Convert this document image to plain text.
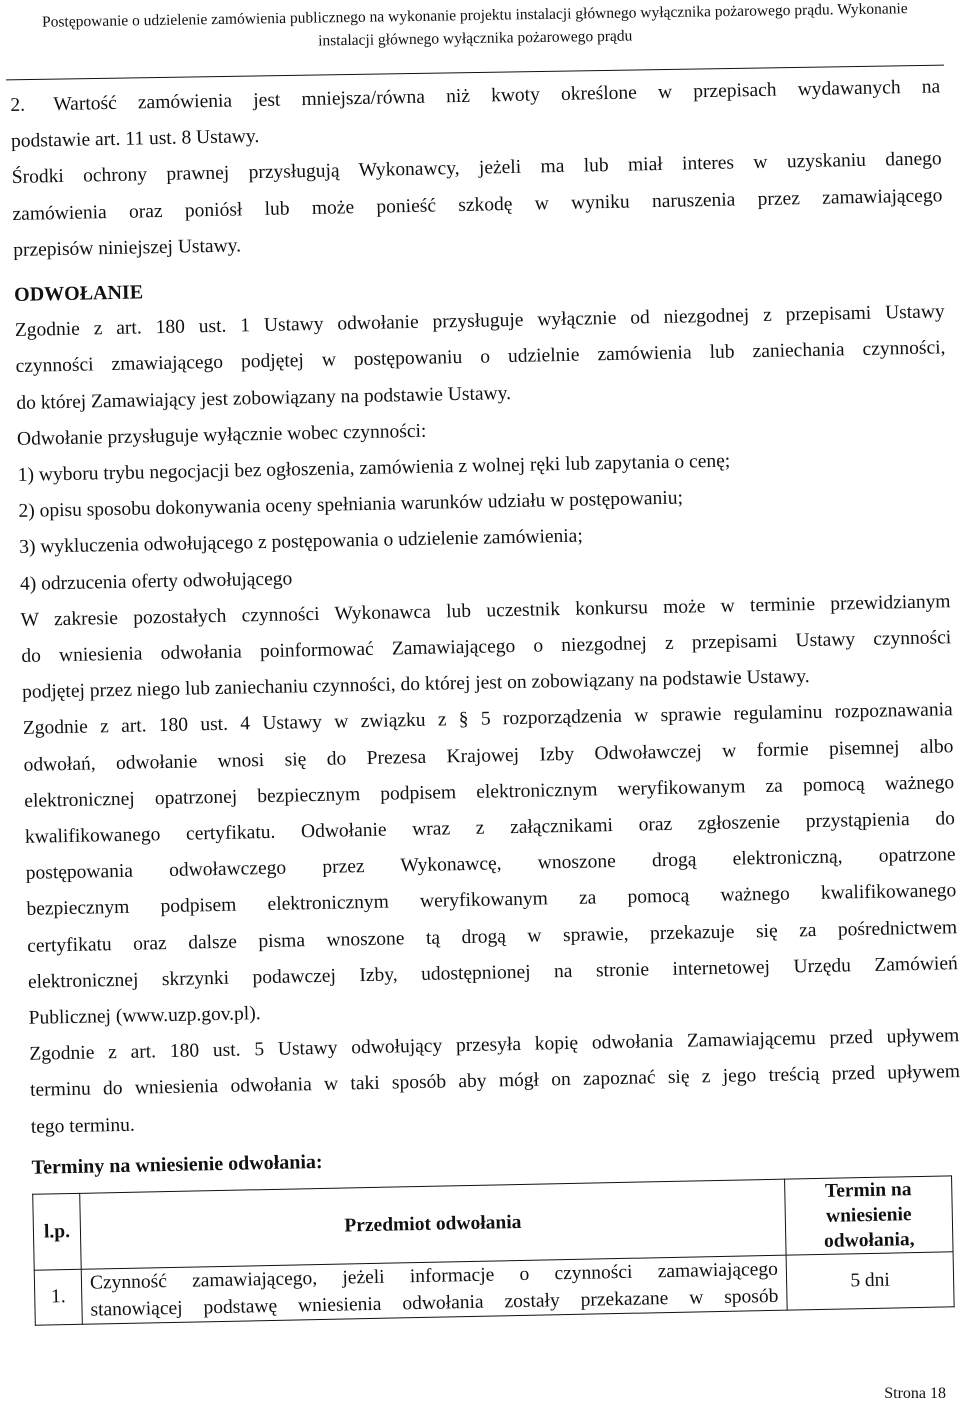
Postępowanie o udzielenie zamówienia publicznego na wykonanie projektu instalacji głównego wyłącznika pożarowego prądu. Wykonanie
instalacji głównego wyłącznika pożarowego prądu

2. Wartość zamówienia jest mniejsza/równa niż kwoty określone w przepisach wydawanych na

podstawie art. 11 ust. 8 Ustawy.

Środki ochrony prawnej przysługują Wykonawcy, jeżeli ma lub miał interes w uzyskaniu danego

zamówienia oraz poniósł lub może ponieść szkodę w wyniku naruszenia przez zamawiającego

przepisów niniejszej Ustawy.

ODWOŁANIE

Zgodnie z art. 180 ust. 1 Ustawy odwołanie przysługuje wyłącznie od niezgodnej z przepisami Ustawy

czynności zmawiającego podjętej w postępowaniu o udzielnie zamówienia lub zaniechania czynności,

do której Zamawiający jest zobowiązany na podstawie Ustawy.

Odwołanie przysługuje wyłącznie wobec czynności:

1) wyboru trybu negocjacji bez ogłoszenia, zamówienia z wolnej ręki lub zapytania o cenę;

2) opisu sposobu dokonywania oceny spełniania warunków udziału w postępowaniu;

3) wykluczenia odwołującego z postępowania o udzielenie zamówienia;

4) odrzucenia oferty odwołującego

W zakresie pozostałych czynności Wykonawca lub uczestnik konkursu może w terminie przewidzianym

do wniesienia odwołania poinformować Zamawiającego o niezgodnej z przepisami Ustawy czynności

podjętej przez niego lub zaniechaniu czynności, do której jest on zobowiązany na podstawie Ustawy.

Zgodnie z art. 180 ust. 4 Ustawy w związku z § 5 rozporządzenia w sprawie regulaminu rozpoznawania

odwołań, odwołanie wnosi się do Prezesa Krajowej Izby Odwoławczej w formie pisemnej albo

elektronicznej opatrzonej bezpiecznym podpisem elektronicznym weryfikowanym za pomocą ważnego

kwalifikowanego certyfikatu. Odwołanie wraz z załącznikami oraz zgłoszenie przystąpienia do

postępowania odwoławczego przez Wykonawcę, wnoszone drogą elektroniczną, opatrzone

bezpiecznym podpisem elektronicznym weryfikowanym za pomocą ważnego kwalifikowanego

certyfikatu oraz dalsze pisma wnoszone tą drogą w sprawie, przekazuje się za pośrednictwem

elektronicznej skrzynki podawczej Izby, udostępnionej na stronie internetowej Urzędu Zamówień

Publicznej (www.uzp.gov.pl).

Zgodnie z art. 180 ust. 5 Ustawy odwołujący przesyła kopię odwołania Zamawiającemu przed upływem

terminu do wniesienia odwołania w taki sposób aby mógł on zapoznać się z jego treścią przed upływem

tego terminu.

Terminy na wniesienie odwołania:

l.p.	Przedmiot odwołania	Termin na
wniesienie
odwołania,

1.	Czynność zamawiającego, jeżeli informacje o czynności zamawiającego
stanowiącej podstawę wniesienia odwołania zostały przekazane w sposób	5 dni
Strona 18
